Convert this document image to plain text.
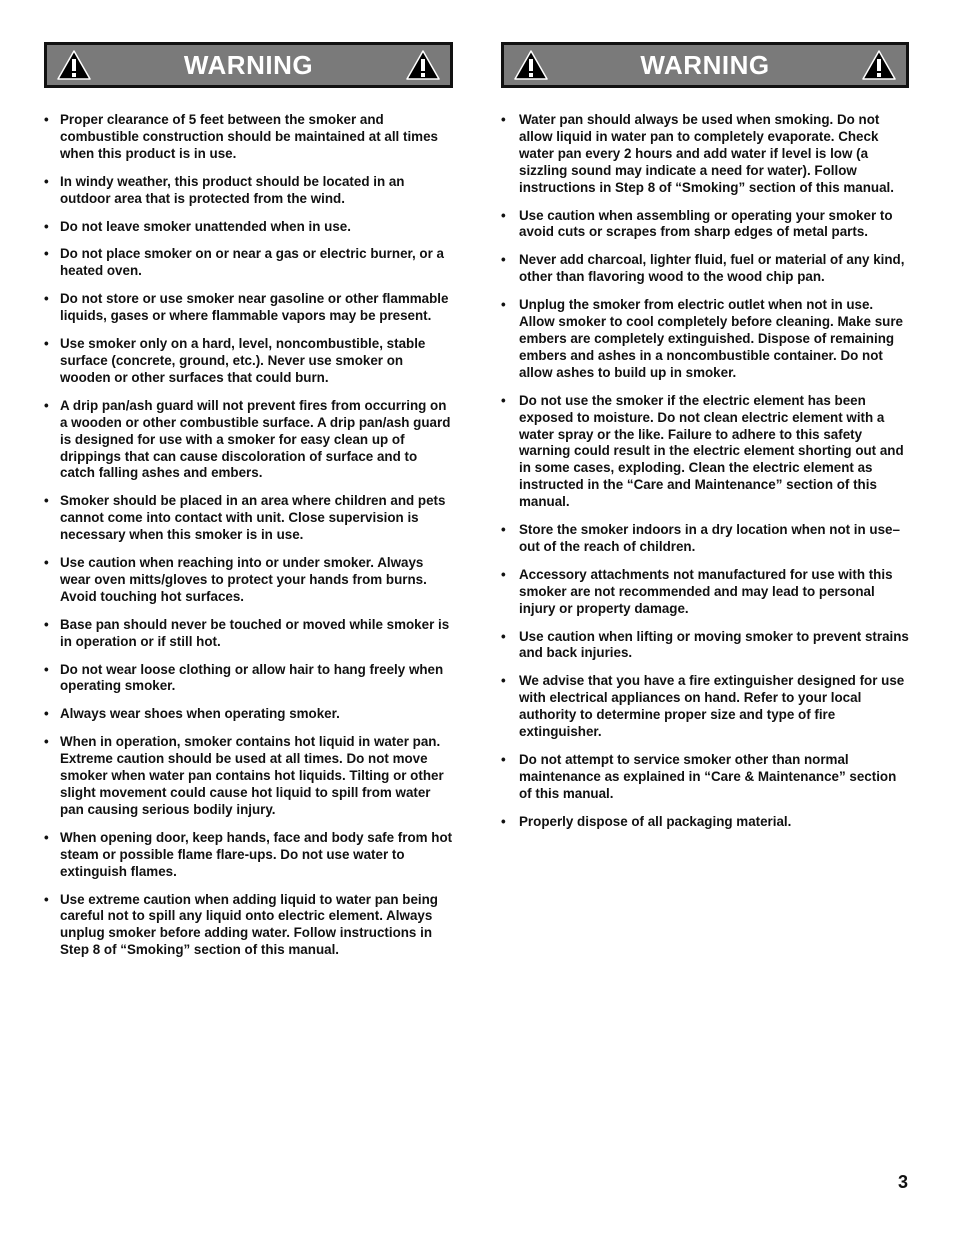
WARNING
• Proper clearance of 5 feet between the smoker and combustible construction should be maintained at all times when this product is in use.
• In windy weather, this product should be located in an outdoor area that is protected from the wind.
• Do not leave smoker unattended when in use.
• Do not place smoker on or near a gas or electric burner, or a heated oven.
• Do not store or use smoker near gasoline or other flammable liquids, gases or where flammable vapors may be present.
• Use smoker only on a hard, level, noncombustible, stable surface (concrete, ground, etc.). Never use smoker on wooden or other surfaces that could burn.
• A drip pan/ash guard will not prevent fires from occurring on a wooden or other combustible surface. A drip pan/ash guard is designed for use with a smoker for easy clean up of drippings that can cause discoloration of surface and to catch falling ashes and embers.
• Smoker should be placed in an area where children and pets cannot come into contact with unit. Close supervision is necessary when this smoker is in use.
• Use caution when reaching into or under smoker. Always wear oven mitts/gloves to protect your hands from burns. Avoid touching hot surfaces.
• Base pan should never be touched or moved while smoker is in operation or if still hot.
• Do not wear loose clothing or allow hair to hang freely when operating smoker.
• Always wear shoes when operating smoker.
• When in operation, smoker contains hot liquid in water pan. Extreme caution should be used at all times. Do not move smoker when water pan contains hot liquids. Tilting or other slight movement could cause hot liquid to spill from water pan causing serious bodily injury.
• When opening door, keep hands, face and body safe from hot steam or possible flame flare-ups. Do not use water to extinguish flames.
• Use extreme caution when adding liquid to water pan being careful not to spill any liquid onto electric element. Always unplug smoker before adding water. Follow instructions in Step 8 of “Smoking” section of this manual.
WARNING
• Water pan should always be used when smoking. Do not allow liquid in water pan to completely evaporate. Check water pan every 2 hours and add water if level is low (a sizzling sound may indicate a need for water). Follow instructions in Step 8 of “Smoking” section of this manual.
• Use caution when assembling or operating your smoker to avoid cuts or scrapes from sharp edges of metal parts.
• Never add charcoal, lighter fluid, fuel or material of any kind, other than flavoring wood to the wood chip pan.
• Unplug the smoker from electric outlet when not in use. Allow smoker to cool completely before cleaning. Make sure embers are completely extinguished. Dispose of remaining embers and ashes in a noncombustible container. Do not allow ashes to build up in smoker.
• Do not use the smoker if the electric element has been exposed to moisture. Do not clean electric element with a water spray or the like. Failure to adhere to this safety warning could result in the electric element shorting out and in some cases, exploding. Clean the electric element as instructed in the “Care and Maintenance” section of this manual.
• Store the smoker indoors in a dry location when not in use–out of the reach of children.
• Accessory attachments not manufactured for use with this smoker are not recommended and may lead to personal injury or property damage.
• Use caution when lifting or moving smoker to prevent strains and back injuries.
• We advise that you have a fire extinguisher designed for use with electrical appliances on hand. Refer to your local authority to determine proper size and type of fire extinguisher.
• Do not attempt to service smoker other than normal maintenance as explained in “Care & Maintenance” section of this manual.
• Properly dispose of all packaging material.
3
